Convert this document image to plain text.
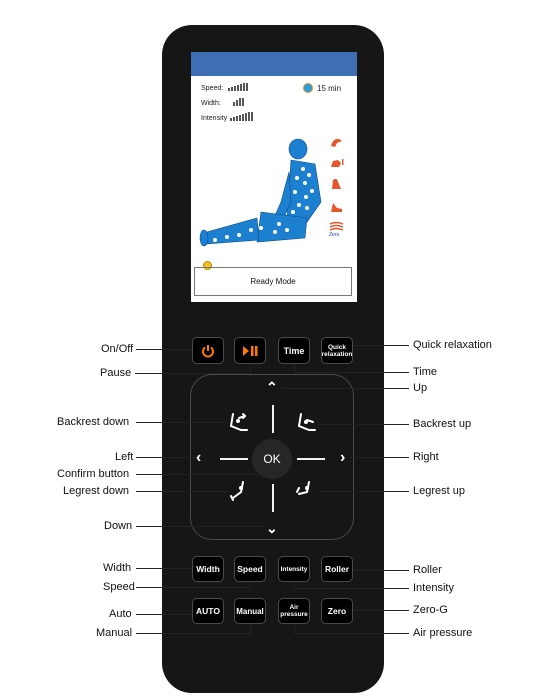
Speed:
Width:
Intensity
15 min
Zero
Ready Mode
Time	Quick relaxation
⌃
⌄
‹	›
OK
Width	Speed	Intensity	Roller
AUTO	Manual	Air pressure	Zero
On/Off
Pause
Backrest down
Left
Confirm button
Legrest down
Down
Width
Speed
Auto
Manual
Quick relaxation
Time
Up
Backrest up
Right
Legrest up
Roller
Intensity
Zero-G
Air pressure
